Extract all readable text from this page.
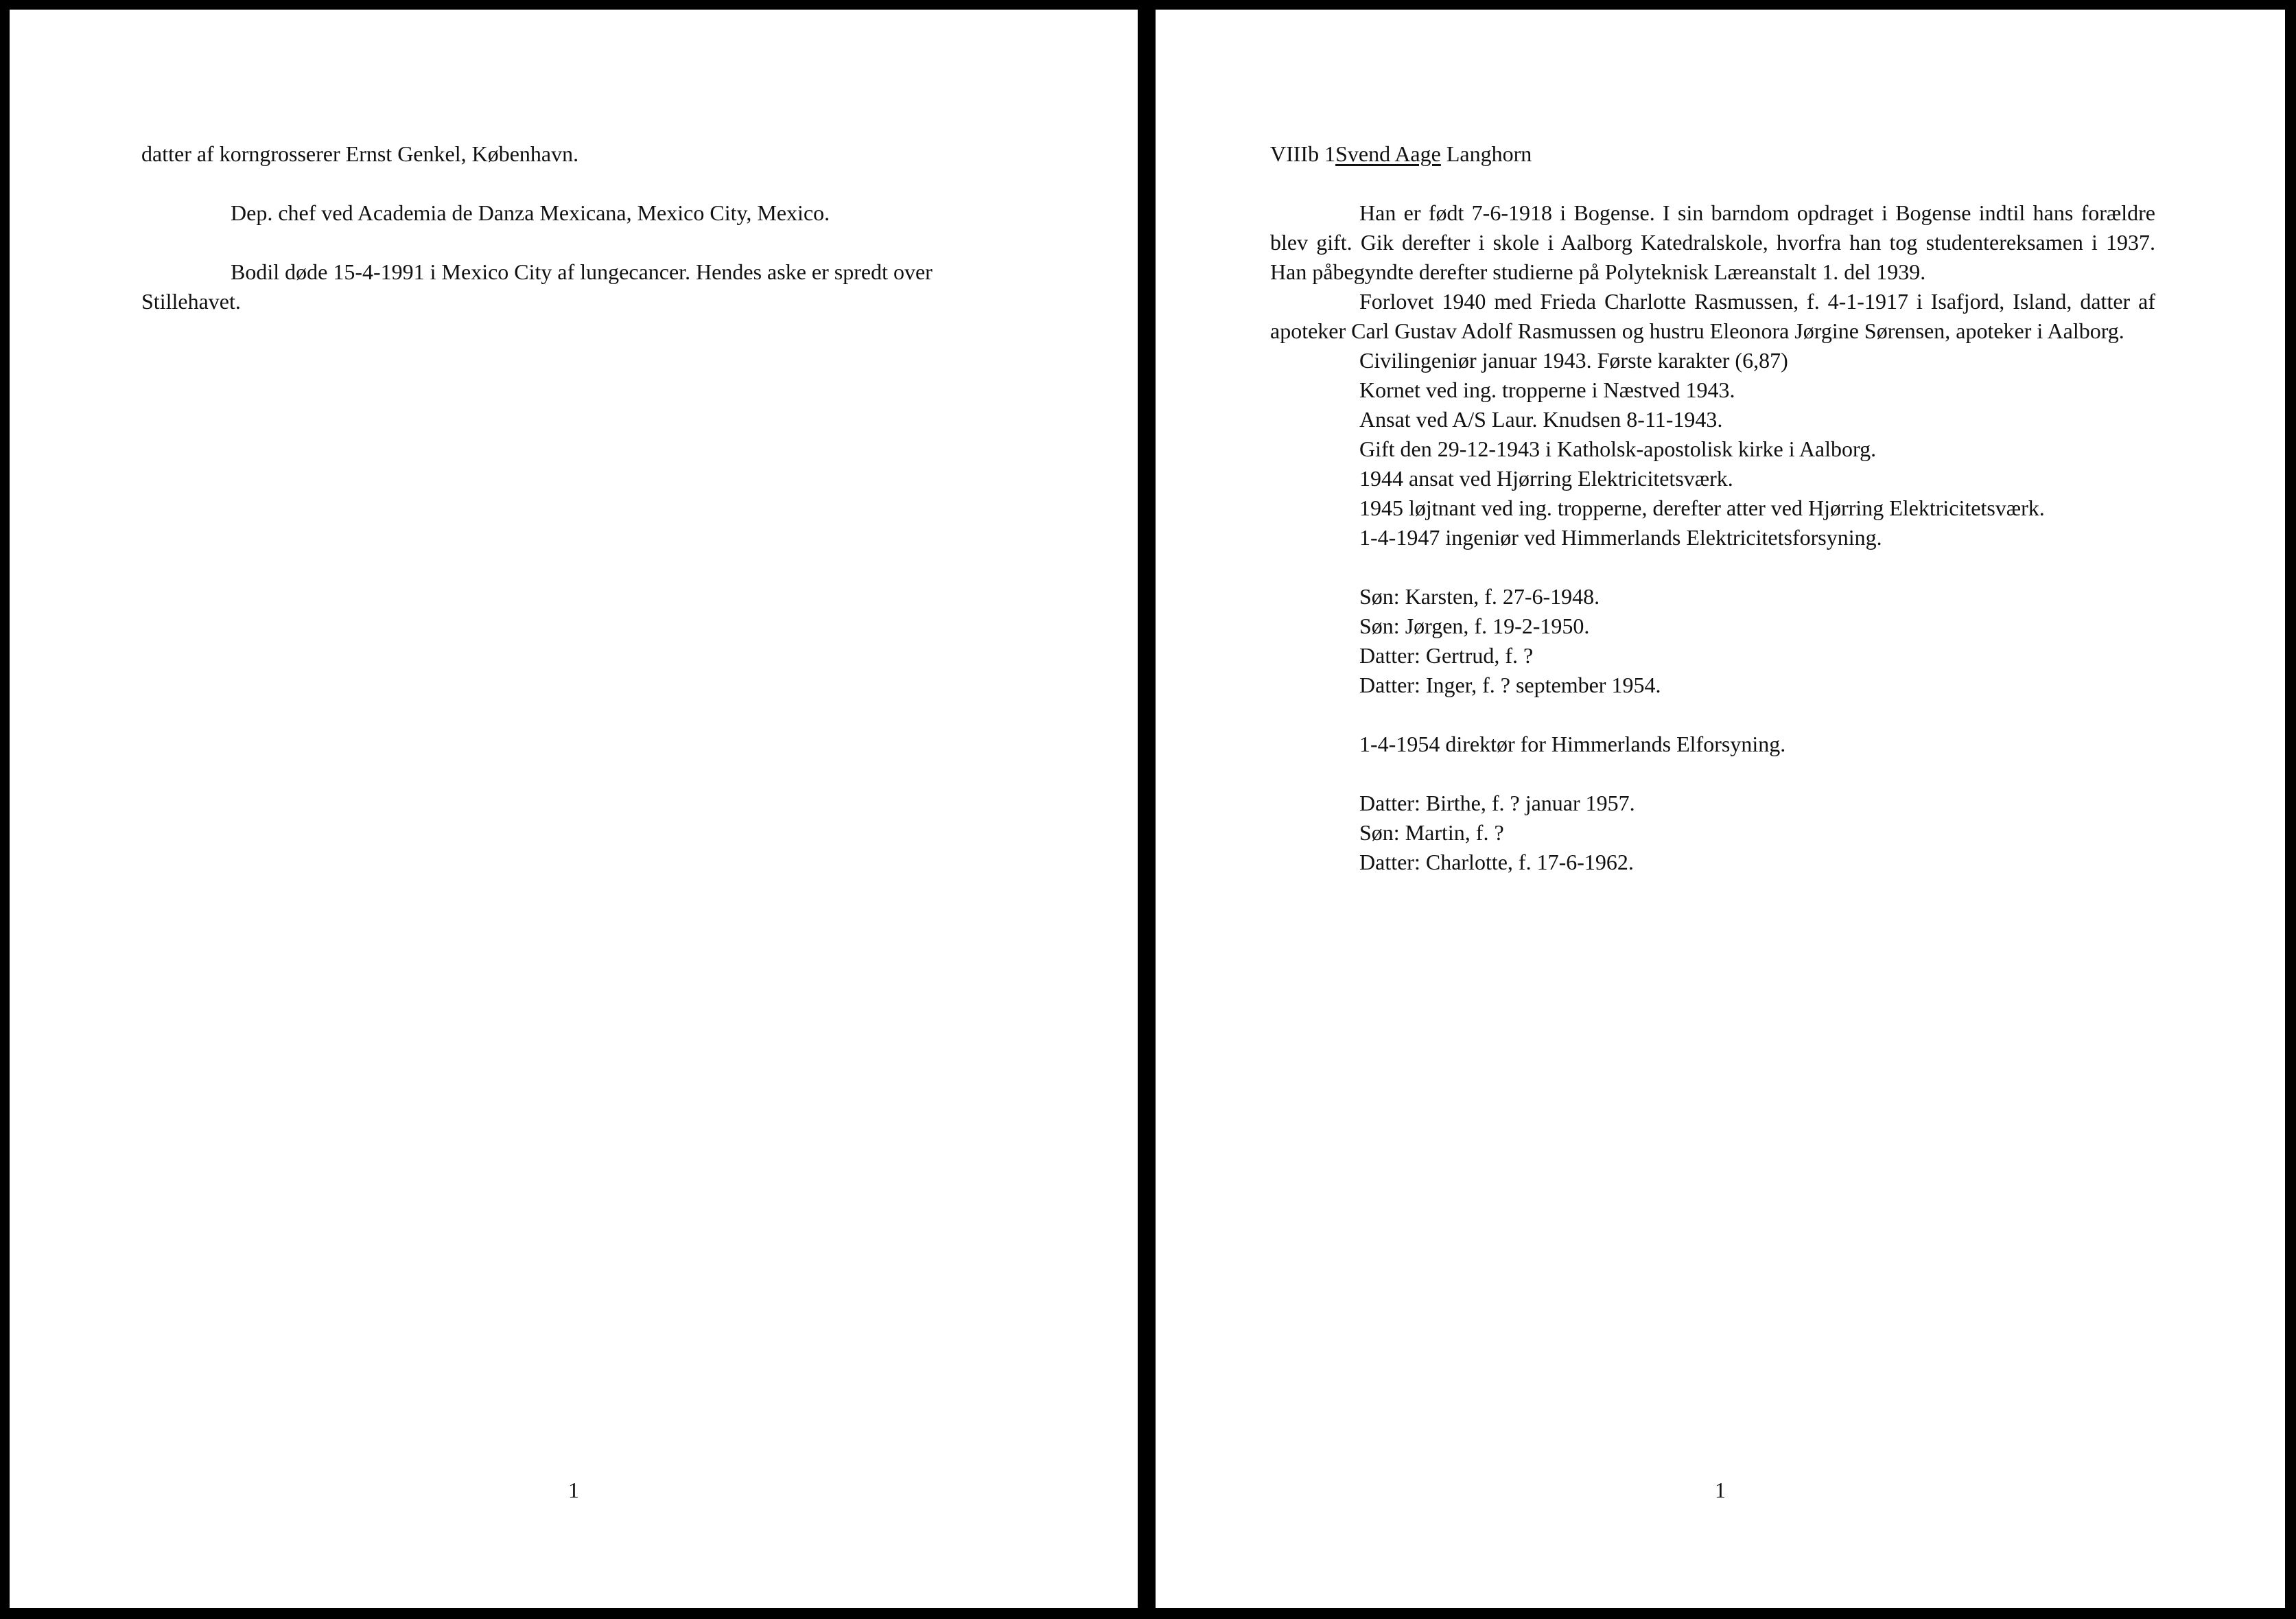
datter af korngrosserer Ernst Genkel, København.

Dep. chef ved Academia de Danza Mexicana, Mexico City, Mexico.

Bodil døde 15-4-1991 i Mexico City af lungecancer. Hendes aske er spredt over Stillehavet.

1

VIIIb 1Svend Aage Langhorn

Han er født 7-6-1918 i Bogense. I sin barndom opdraget i Bogense indtil hans forældre blev gift. Gik derefter i skole i Aalborg Katedralskole, hvorfra han tog studentereksamen i 1937. Han påbegyndte derefter studierne på Polyteknisk Læreanstalt 1. del 1939.

Forlovet 1940 med Frieda Charlotte Rasmussen, f. 4-1-1917 i Isafjord, Island, datter af apoteker Carl Gustav Adolf Rasmussen og hustru Eleonora Jørgine Sørensen, apoteker i Aalborg.

Civilingeniør januar 1943. Første karakter (6,87)

Kornet ved ing. tropperne i Næstved 1943.

Ansat ved A/S Laur. Knudsen 8-11-1943.

Gift den 29-12-1943 i Katholsk-apostolisk kirke i Aalborg.

1944 ansat ved Hjørring Elektricitetsværk.

1945 løjtnant ved ing. tropperne, derefter atter ved Hjørring Elektricitetsværk.

1-4-1947 ingeniør ved Himmerlands Elektricitetsforsyning.

Søn: Karsten, f. 27-6-1948.

Søn: Jørgen, f. 19-2-1950.

Datter: Gertrud, f. ?

Datter: Inger, f. ? september 1954.

1-4-1954 direktør for Himmerlands Elforsyning.

Datter: Birthe, f. ? januar 1957.

Søn: Martin, f. ?

Datter: Charlotte, f. 17-6-1962.

1
